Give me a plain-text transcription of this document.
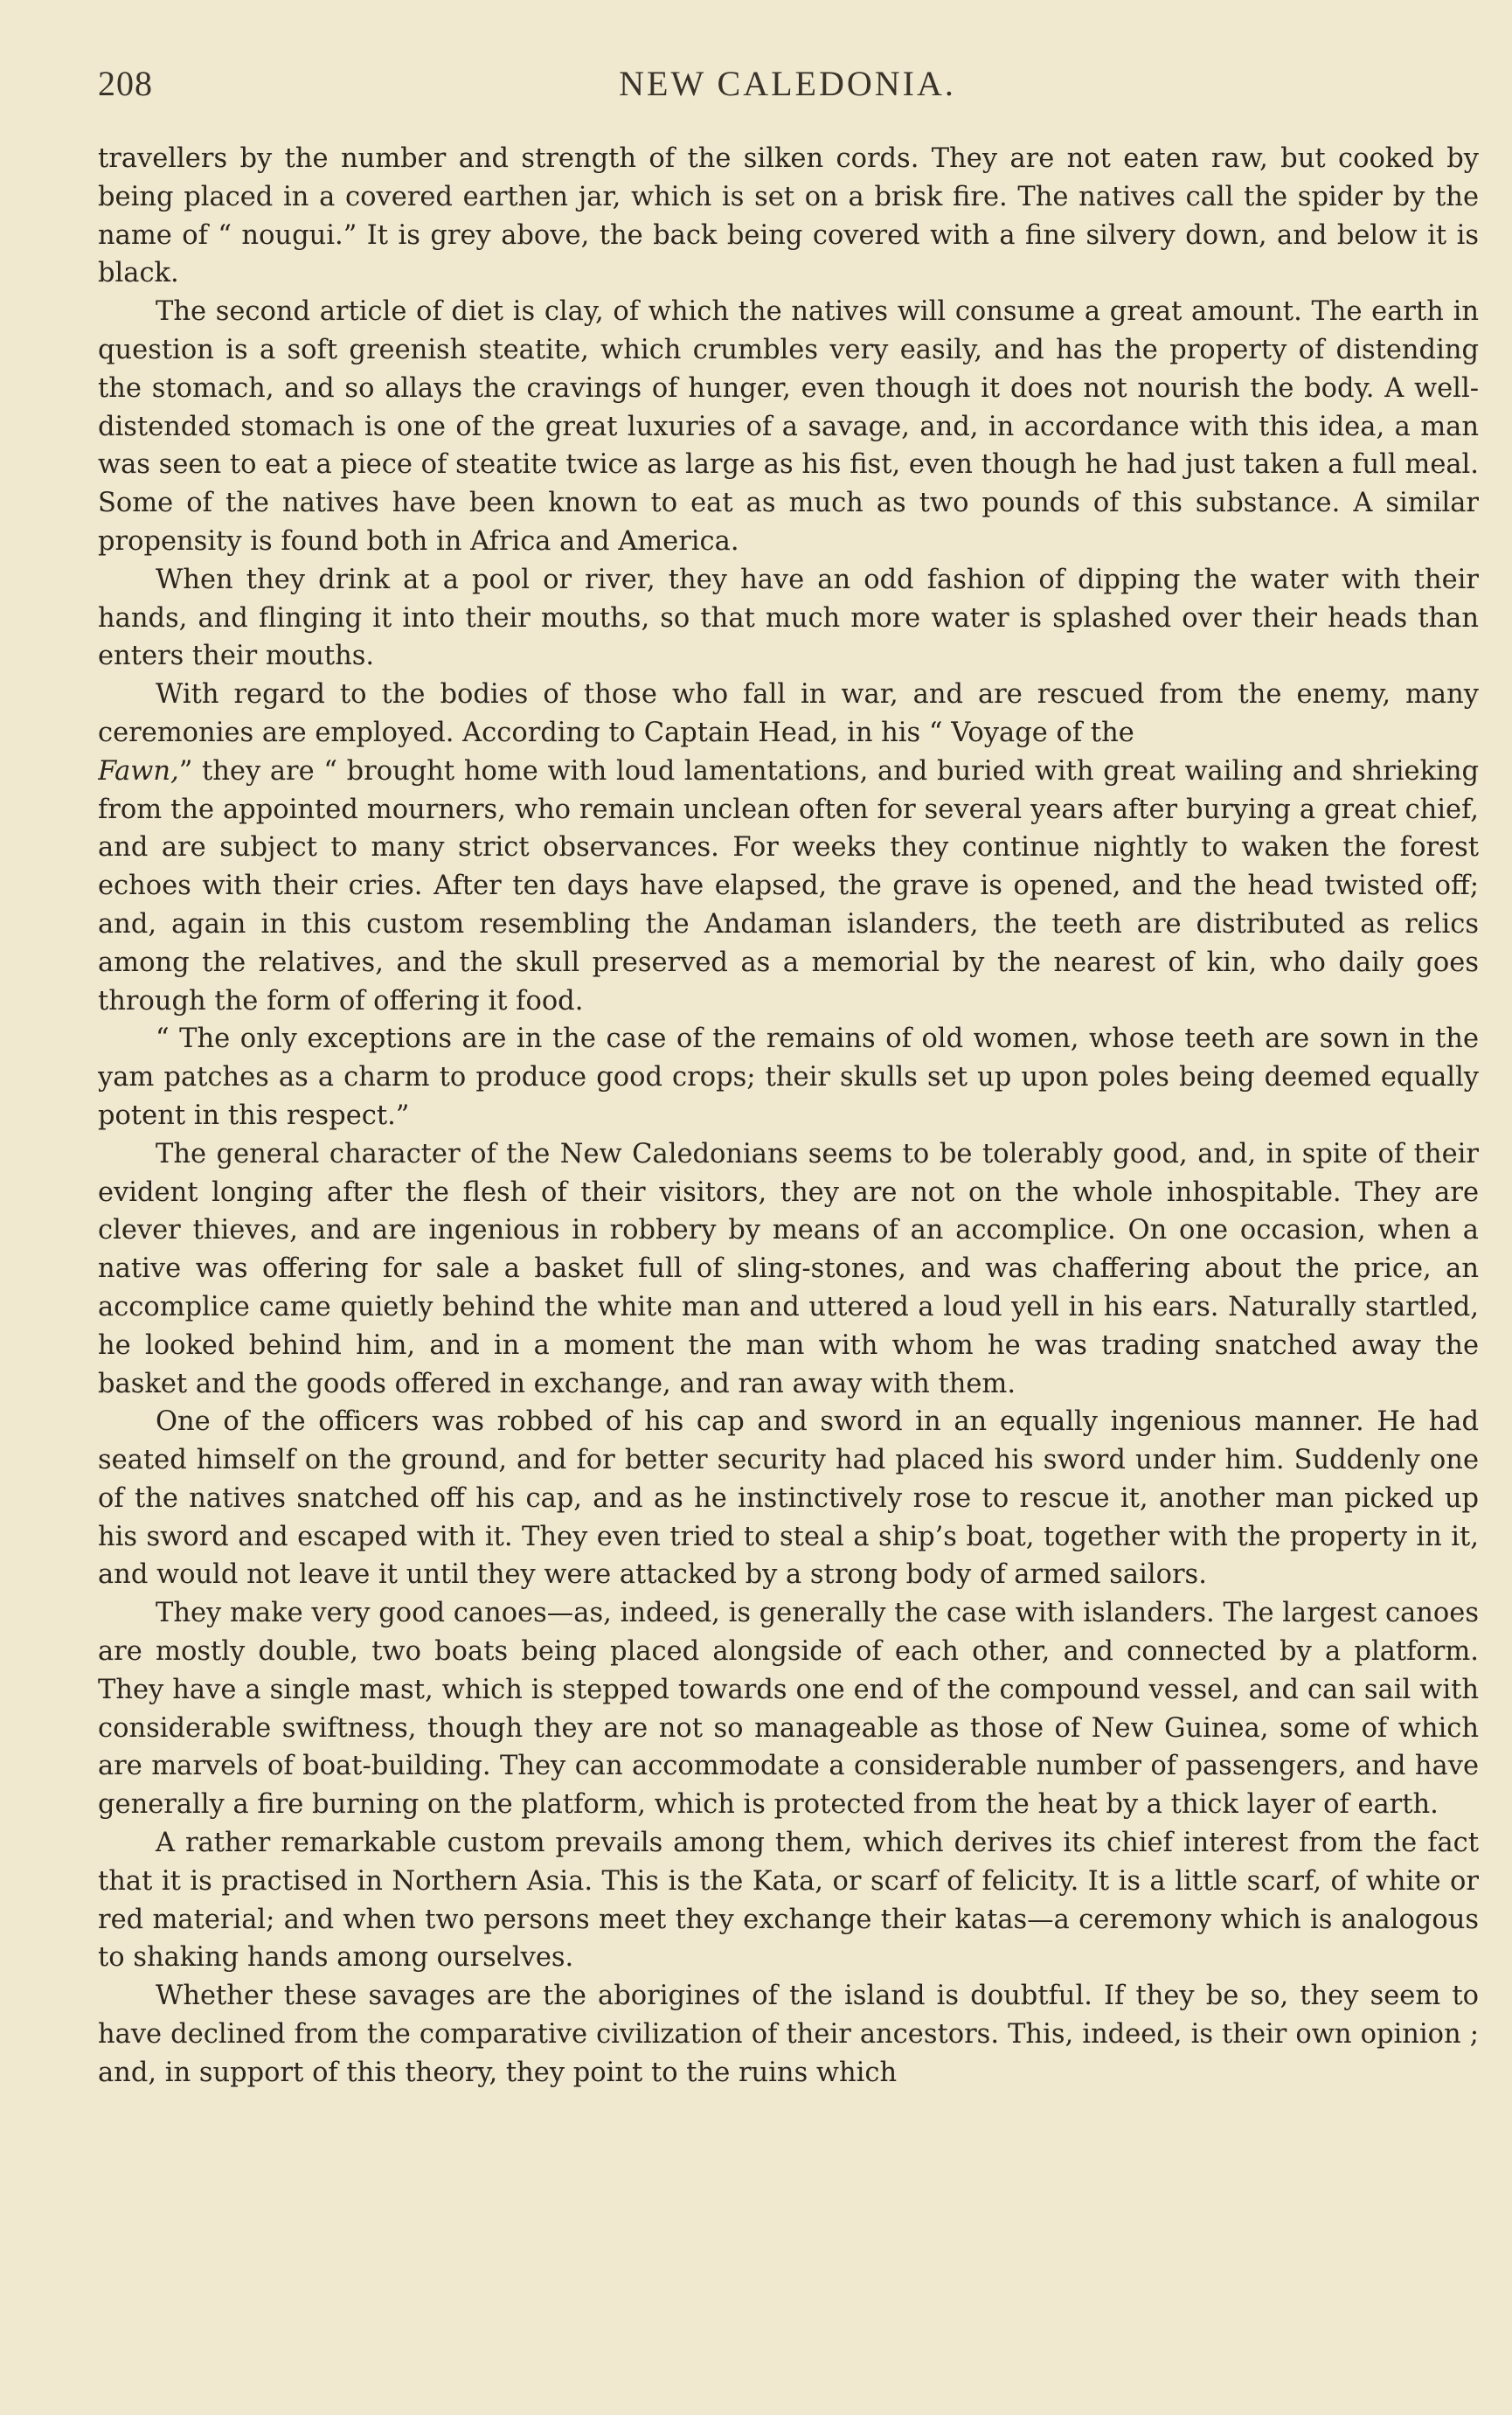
208	NEW CALEDONIA.

travellers by the number and strength of the silken cords. They are not eaten raw, but cooked by being placed in a covered earthen jar, which is set on a brisk fire. The natives call the spider by the name of “ nougui.” It is grey above, the back being covered with a fine silvery down, and below it is black.

The second article of diet is clay, of which the natives will consume a great amount. The earth in question is a soft greenish steatite, which crumbles very easily, and has the property of distending the stomach, and so allays the cravings of hunger, even though it does not nourish the body. A well-distended stomach is one of the great luxuries of a savage, and, in accordance with this idea, a man was seen to eat a piece of steatite twice as large as his fist, even though he had just taken a full meal. Some of the natives have been known to eat as much as two pounds of this substance. A similar propensity is found both in Africa and America.

When they drink at a pool or river, they have an odd fashion of dipping the water with their hands, and flinging it into their mouths, so that much more water is splashed over their heads than enters their mouths.

With regard to the bodies of those who fall in war, and are rescued from the enemy, many ceremonies are employed. According to Captain Head, in his “ Voyage of the
Fawn,” they are “ brought home with loud lamentations, and buried with great wailing and shrieking from the appointed mourners, who remain unclean often for several years after burying a great chief, and are subject to many strict observances. For weeks they continue nightly to waken the forest echoes with their cries. After ten days have elapsed, the grave is opened, and the head twisted off; and, again in this custom resembling the Andaman islanders, the teeth are distributed as relics among the relatives, and the skull preserved as a memorial by the nearest of kin, who daily goes through the form of offering it food.

“ The only exceptions are in the case of the remains of old women, whose teeth are sown in the yam patches as a charm to produce good crops; their skulls set up upon poles being deemed equally potent in this respect.”

The general character of the New Caledonians seems to be tolerably good, and, in spite of their evident longing after the flesh of their visitors, they are not on the whole inhospitable. They are clever thieves, and are ingenious in robbery by means of an accomplice. On one occasion, when a native was offering for sale a basket full of sling-stones, and was chaffering about the price, an accomplice came quietly behind the white man and uttered a loud yell in his ears. Naturally startled, he looked behind him, and in a moment the man with whom he was trading snatched away the basket and the goods offered in exchange, and ran away with them.

One of the officers was robbed of his cap and sword in an equally ingenious manner. He had seated himself on the ground, and for better security had placed his sword under him. Suddenly one of the natives snatched off his cap, and as he instinctively rose to rescue it, another man picked up his sword and escaped with it. They even tried to steal a ship’s boat, together with the property in it, and would not leave it until they were attacked by a strong body of armed sailors.

They make very good canoes—as, indeed, is generally the case with islanders. The largest canoes are mostly double, two boats being placed alongside of each other, and connected by a platform. They have a single mast, which is stepped towards one end of the compound vessel, and can sail with considerable swiftness, though they are not so manageable as those of New Guinea, some of which are marvels of boat-building. They can accommodate a considerable number of passengers, and have generally a fire burning on the platform, which is protected from the heat by a thick layer of earth.

A rather remarkable custom prevails among them, which derives its chief interest from the fact that it is practised in Northern Asia. This is the Kata, or scarf of felicity. It is a little scarf, of white or red material; and when two persons meet they exchange their katas—a ceremony which is analogous to shaking hands among ourselves.

Whether these savages are the aborigines of the island is doubtful. If they be so, they seem to have declined from the comparative civilization of their ancestors. This, indeed, is their own opinion ; and, in support of this theory, they point to the ruins which
